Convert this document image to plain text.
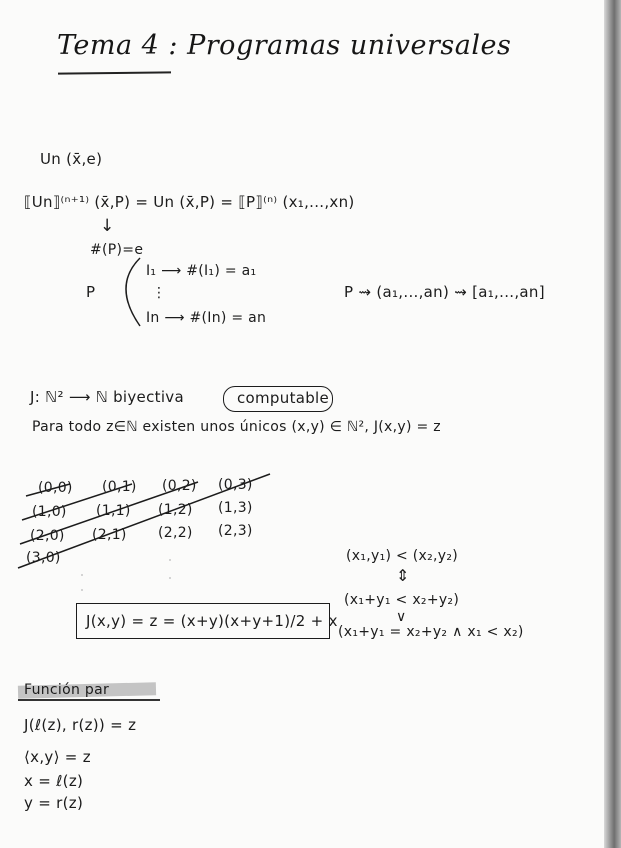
Tema 4 : Programas universales
Un (x̄,e)
⟦Un⟧⁽ⁿ⁺¹⁾ (x̄,P) = Un (x̄,P) = ⟦P⟧⁽ⁿ⁾ (x₁,...,xn)
↓
#(P)=e
P
I₁ ⟶ #(I₁) = a₁
⋮
In ⟶ #(In) = an
P ⇝ (a₁,...,an) ⇝ [a₁,...,an]
J: ℕ² ⟶ ℕ biyectiva	computable
Para todo z∈ℕ existen unos únicos (x,y) ∈ ℕ², J(x,y) = z
(0,0) (0,1) (0,2) (0,3)
(1,0) (1,1) (1,2) (1,3)
(2,0) (2,1) (2,2) (2,3)
(3,0)
J(x,y) = z = (x+y)(x+y+1)/2 + x
(x₁,y₁) < (x₂,y₂)
⇕
(x₁+y₁ < x₂+y₂)
∨
(x₁+y₁ = x₂+y₂ ∧ x₁ < x₂)
Función par
J(ℓ(z), r(z)) = z
⟨x,y⟩ = z
x = ℓ(z)
y = r(z)
